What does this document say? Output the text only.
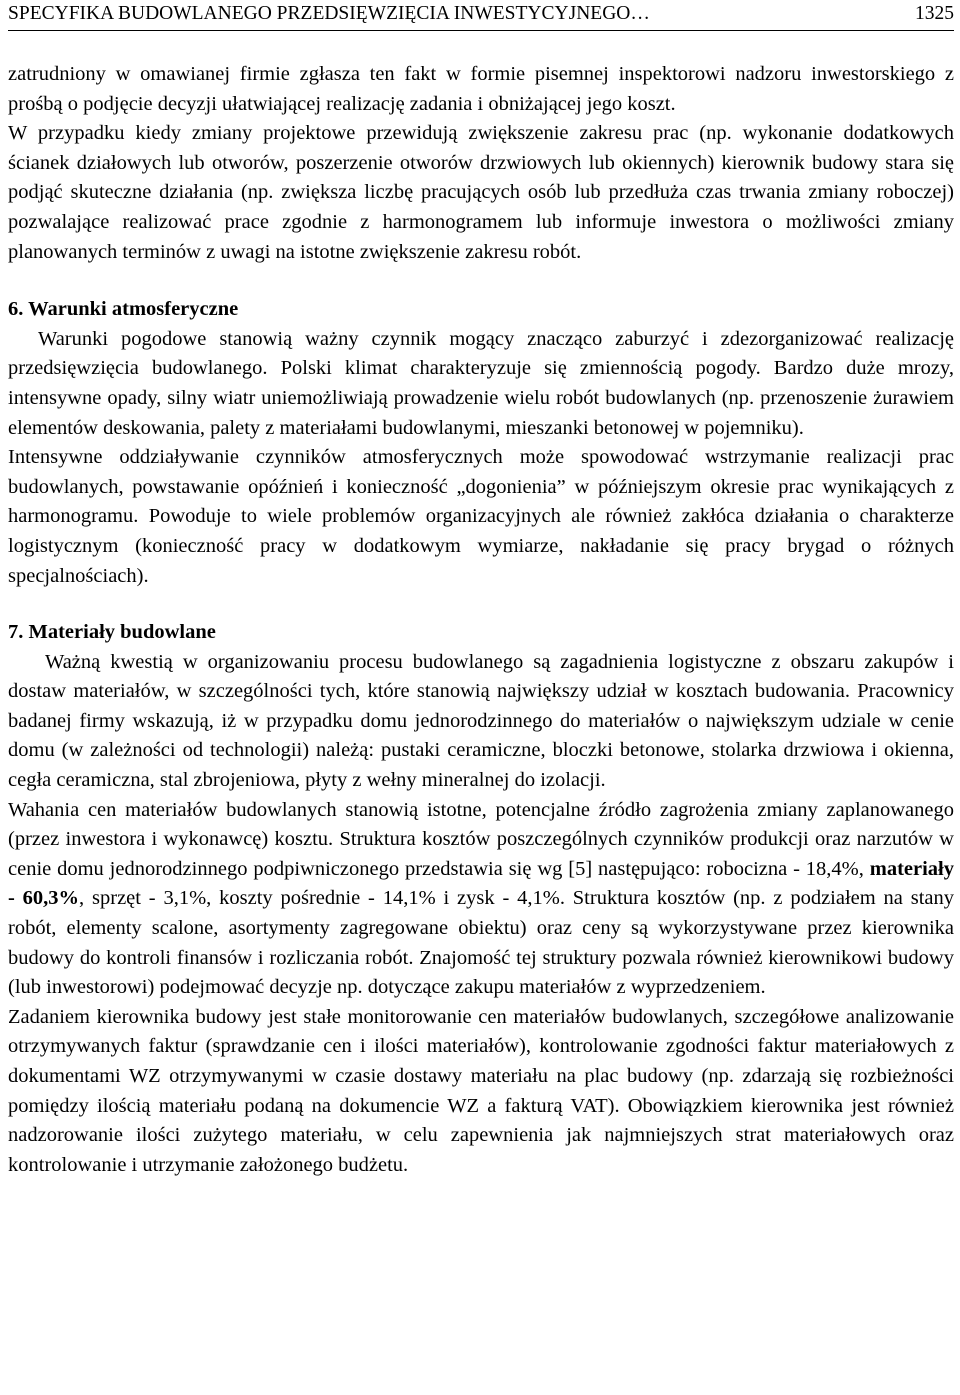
SPECYFIKA BUDOWLANEGO PRZEDSIĘWZIĘCIA INWESTYCYJNEGO…	1325

zatrudniony w omawianej firmie zgłasza ten fakt w formie pisemnej inspektorowi nadzoru inwestorskiego z prośbą o podjęcie decyzji ułatwiającej realizację zadania i obniżającej jego koszt.

W przypadku kiedy zmiany projektowe przewidują zwiększenie zakresu prac (np. wykonanie dodatkowych ścianek działowych lub otworów, poszerzenie otworów drzwiowych lub okiennych) kierownik budowy stara się podjąć skuteczne działania (np. zwiększa liczbę pracujących osób lub przedłuża czas trwania zmiany roboczej) pozwalające realizować prace zgodnie z harmonogramem lub informuje inwestora o możliwości zmiany planowanych terminów z uwagi na istotne zwiększenie zakresu robót.

6. Warunki atmosferyczne

Warunki pogodowe stanowią ważny czynnik mogący znacząco zaburzyć i zdezorganizować realizację przedsięwzięcia budowlanego. Polski klimat charakteryzuje się zmiennością pogody. Bardzo duże mrozy, intensywne opady, silny wiatr uniemożliwiają prowadzenie wielu robót budowlanych (np. przenoszenie żurawiem elementów deskowania, palety z materiałami budowlanymi, mieszanki betonowej w pojemniku).

Intensywne oddziaływanie czynników atmosferycznych może spowodować wstrzymanie realizacji prac budowlanych, powstawanie opóźnień i konieczność „dogonienia” w późniejszym okresie prac wynikających z harmonogramu. Powoduje to wiele problemów organizacyjnych ale również zakłóca działania o charakterze logistycznym (konieczność pracy w dodatkowym wymiarze, nakładanie się pracy brygad o różnych specjalnościach).

7. Materiały budowlane

Ważną kwestią w organizowaniu procesu budowlanego są zagadnienia logistyczne z obszaru zakupów i dostaw materiałów, w szczególności tych, które stanowią największy udział w kosztach budowania. Pracownicy badanej firmy wskazują, iż w przypadku domu jednorodzinnego do materiałów o największym udziale w cenie domu (w zależności od technologii) należą: pustaki ceramiczne, bloczki betonowe, stolarka drzwiowa i okienna, cegła ceramiczna, stal zbrojeniowa, płyty z wełny mineralnej do izolacji.

Wahania cen materiałów budowlanych stanowią istotne, potencjalne źródło zagrożenia zmiany zaplanowanego (przez inwestora i wykonawcę) kosztu. Struktura kosztów poszczególnych czynników produkcji oraz narzutów w cenie domu jednorodzinnego podpiwniczonego przedstawia się wg [5] następująco: robocizna - 18,4%, materiały - 60,3%, sprzęt - 3,1%, koszty pośrednie - 14,1% i zysk - 4,1%. Struktura kosztów (np. z podziałem na stany robót, elementy scalone, asortymenty zagregowane obiektu) oraz ceny są wykorzystywane przez kierownika budowy do kontroli finansów i rozliczania robót. Znajomość tej struktury pozwala również kierownikowi budowy (lub inwestorowi) podejmować decyzje np. dotyczące zakupu materiałów z wyprzedzeniem.

Zadaniem kierownika budowy jest stałe monitorowanie cen materiałów budowlanych, szczegółowe analizowanie otrzymywanych faktur (sprawdzanie cen i ilości materiałów), kontrolowanie zgodności faktur materiałowych z dokumentami WZ otrzymywanymi w czasie dostawy materiału na plac budowy (np. zdarzają się rozbieżności pomiędzy ilością materiału podaną na dokumencie WZ a fakturą VAT). Obowiązkiem kierownika jest również nadzorowanie ilości zużytego materiału, w celu zapewnienia jak najmniejszych strat materiałowych oraz kontrolowanie i utrzymanie założonego budżetu.
